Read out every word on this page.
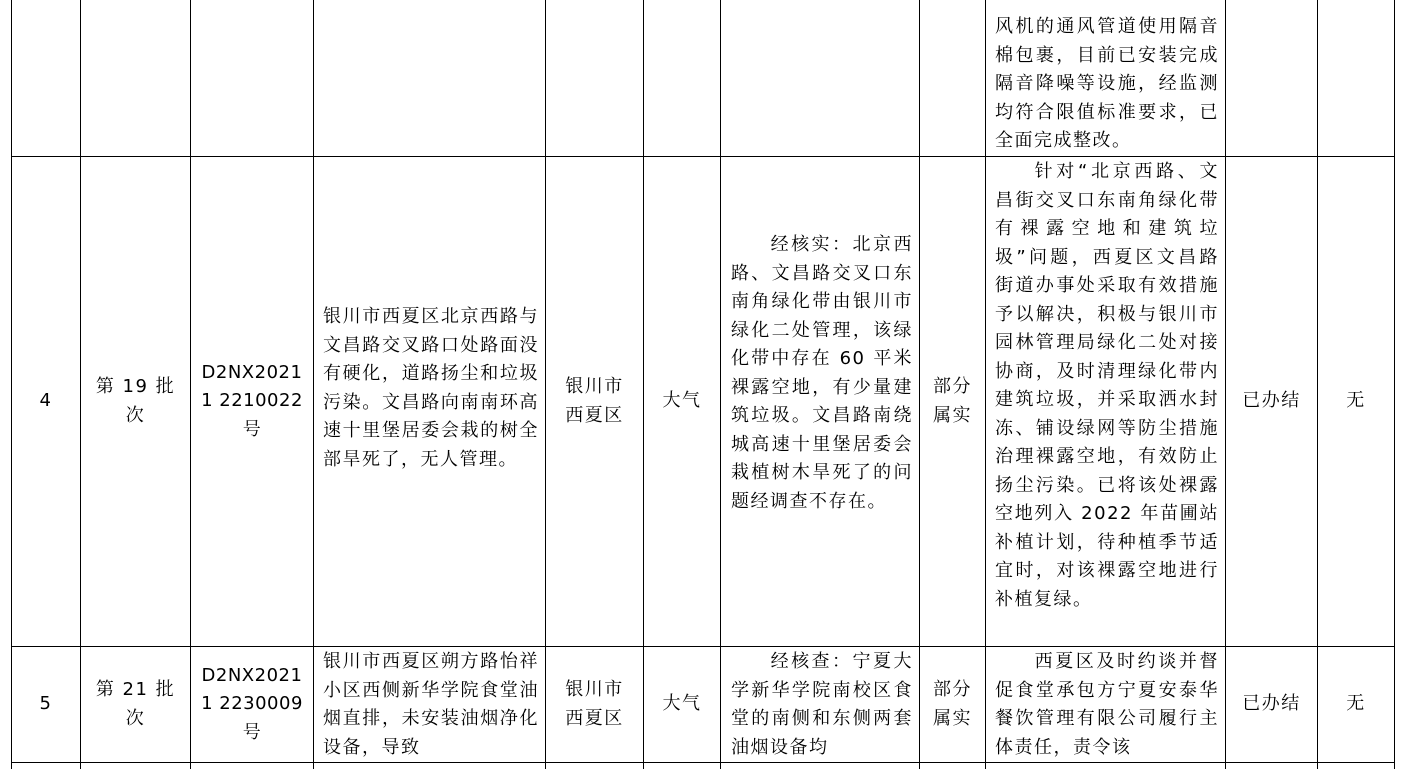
风机的通风管道使用隔音棉包裹，目前已安装完成隔音降噪等设施，经监测均符合限值标准要求，已全面完成整改。
4
第 19 批次
D2NX20211 2210022 号
银川市西夏区北京西路与文昌路交叉路口处路面没有硬化，道路扬尘和垃圾污染。文昌路向南南环高速十里堡居委会栽的树全部旱死了，无人管理。
银川市西夏区
大气
经核实：北京西路、文昌路交叉口东南角绿化带由银川市绿化二处管理，该绿化带中存在 60 平米裸露空地，有少量建筑垃圾。文昌路南绕城高速十里堡居委会栽植树木旱死了的问题经调查不存在。
部分属实
针对“北京西路、文昌街交叉口东南角绿化带有裸露空地和建筑垃圾”问题，西夏区文昌路街道办事处采取有效措施予以解决，积极与银川市园林管理局绿化二处对接协商，及时清理绿化带内建筑垃圾，并采取洒水封冻、铺设绿网等防尘措施治理裸露空地，有效防止扬尘污染。已将该处裸露空地列入 2022 年苗圃站补植计划，待种植季节适宜时，对该裸露空地进行补植复绿。
已办结	无
5
第 21 批次
D2NX20211 2230009 号
银川市西夏区朔方路怡祥小区西侧新华学院食堂油烟直排，未安装油烟净化设备，导致
银川市西夏区
大气
经核查：宁夏大学新华学院南校区食堂的南侧和东侧两套油烟设备均
部分属实
西夏区及时约谈并督促食堂承包方宁夏安泰华餐饮管理有限公司履行主体责任，责令该
已办结	无
